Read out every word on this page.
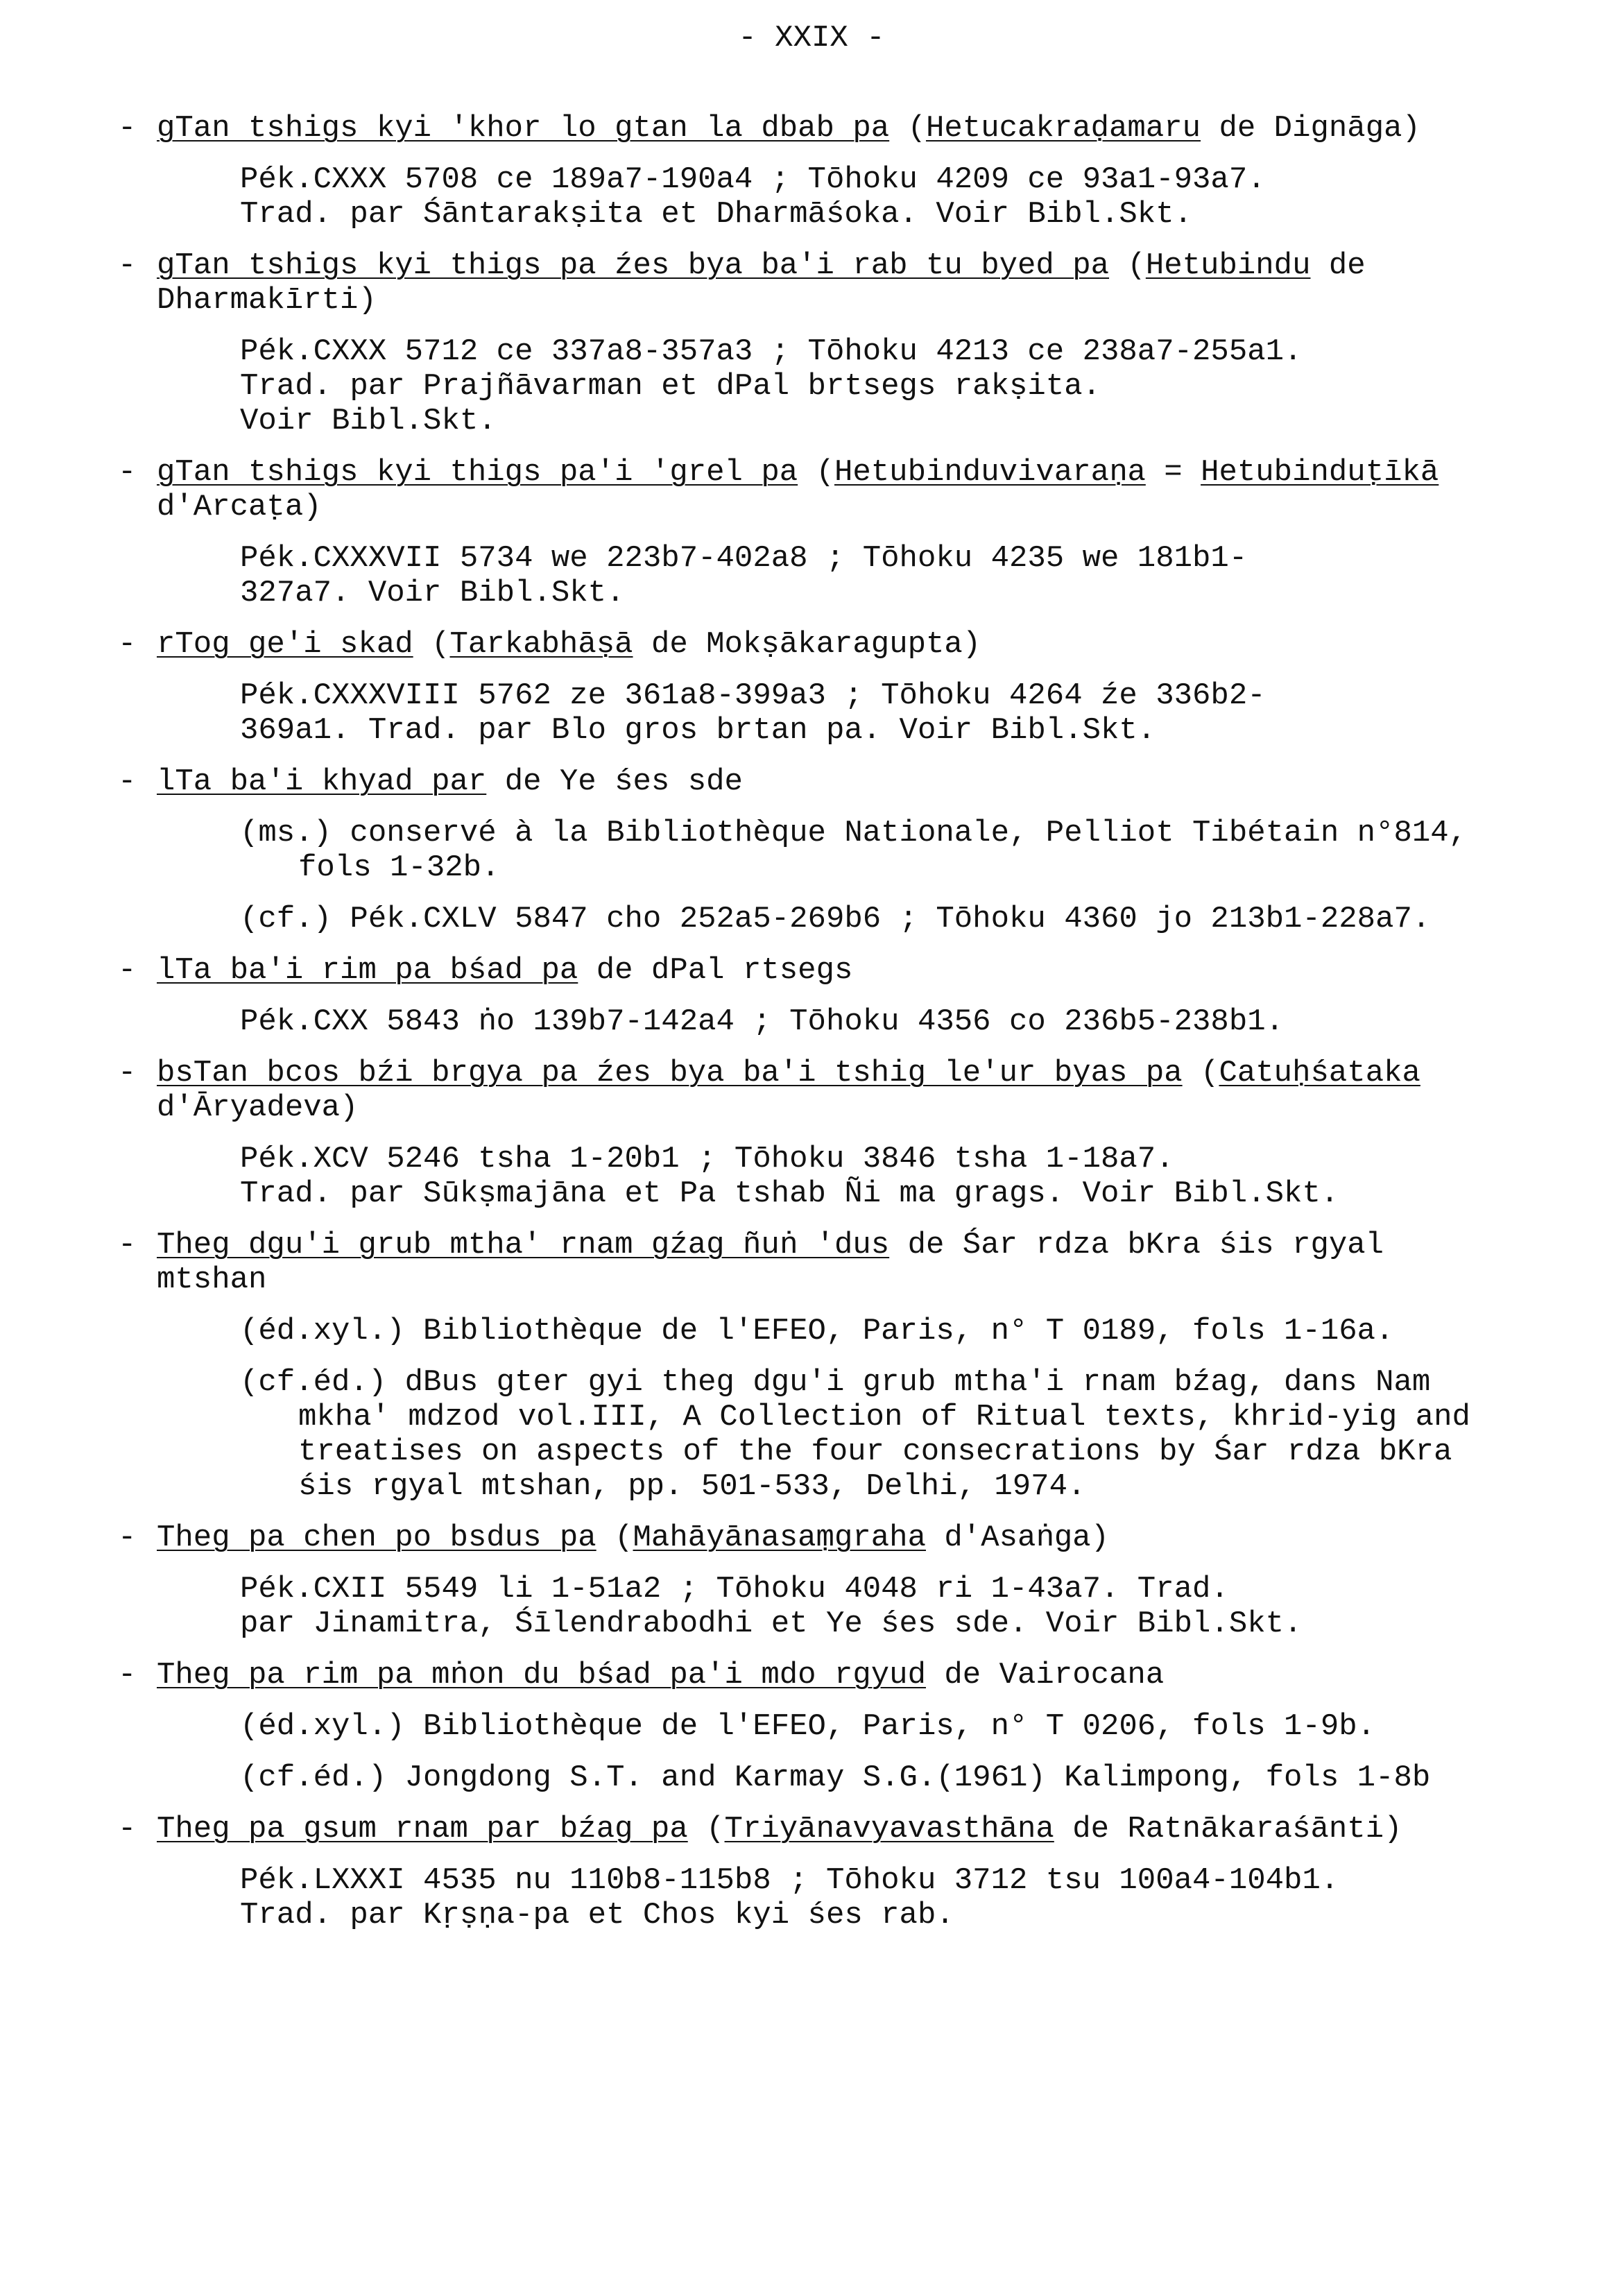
- XXIX -
-gTan tshigs kyi 'khor lo gtan la dbab pa (Hetucakraḍamaru de Dignāga)
Pék.CXXX 5708 ce 189a7-190a4 ; Tōhoku 4209 ce 93a1-93a7.
Trad. par Śāntarakṣita et Dharmāśoka. Voir Bibl.Skt.
-gTan tshigs kyi thigs pa źes bya ba'i rab tu byed pa (Hetubindu de Dharmakīrti)
Pék.CXXX 5712 ce 337a8-357a3 ; Tōhoku 4213 ce 238a7-255a1.
Trad. par Prajñāvarman et dPal brtsegs rakṣita.
Voir Bibl.Skt.
-gTan tshigs kyi thigs pa'i 'grel pa (Hetubinduvivaraṇa = Hetubinduṭīkā d'Arcaṭa)
Pék.CXXXVII 5734 we 223b7-402a8 ; Tōhoku 4235 we 181b1-
327a7. Voir Bibl.Skt.
-rTog ge'i skad (Tarkabhāṣā de Mokṣākaragupta)
Pék.CXXXVIII 5762 ze 361a8-399a3 ; Tōhoku 4264 źe 336b2-
369a1. Trad. par Blo gros brtan pa. Voir Bibl.Skt.
-lTa ba'i khyad par de Ye śes sde
(ms.) conservé à la Bibliothèque Nationale, Pelliot Tibétain n°814, fols 1-32b.
(cf.) Pék.CXLV 5847 cho 252a5-269b6 ; Tōhoku 4360 jo 213b1-228a7.
-lTa ba'i rim pa bśad pa de dPal rtsegs
Pék.CXX 5843 ṅo 139b7-142a4 ; Tōhoku 4356 co 236b5-238b1.
-bsTan bcos bźi brgya pa źes bya ba'i tshig le'ur byas pa (Catuḥśataka d'Āryadeva)
Pék.XCV 5246 tsha 1-20b1 ; Tōhoku 3846 tsha 1-18a7.
Trad. par Sūkṣmajāna et Pa tshab Ñi ma grags. Voir Bibl.Skt.
-Theg dgu'i grub mtha' rnam gźag ñuṅ 'dus de Śar rdza bKra śis rgyal mtshan
(éd.xyl.) Bibliothèque de l'EFEO, Paris, n° T 0189, fols 1-16a.
(cf.éd.) dBus gter gyi theg dgu'i grub mtha'i rnam bźag, dans Nam mkha' mdzod vol.III, A Collection of Ritual texts, khrid-yig and treatises on aspects of the four consecrations by Śar rdza bKra śis rgyal mtshan, pp. 501-533, Delhi, 1974.
-Theg pa chen po bsdus pa (Mahāyānasaṃgraha d'Asaṅga)
Pék.CXII 5549 li 1-51a2 ; Tōhoku 4048 ri 1-43a7. Trad.
par Jinamitra, Śīlendrabodhi et Ye śes sde. Voir Bibl.Skt.
-Theg pa rim pa mṅon du bśad pa'i mdo rgyud de Vairocana
(éd.xyl.) Bibliothèque de l'EFEO, Paris, n° T 0206, fols 1-9b.
(cf.éd.) Jongdong S.T. and Karmay S.G.(1961) Kalimpong, fols 1-8b
-Theg pa gsum rnam par bźag pa (Triyānavyavasthāna de Ratnākaraśānti)
Pék.LXXXI 4535 nu 110b8-115b8 ; Tōhoku 3712 tsu 100a4-104b1.
Trad. par Kṛṣṇa-pa et Chos kyi śes rab.
